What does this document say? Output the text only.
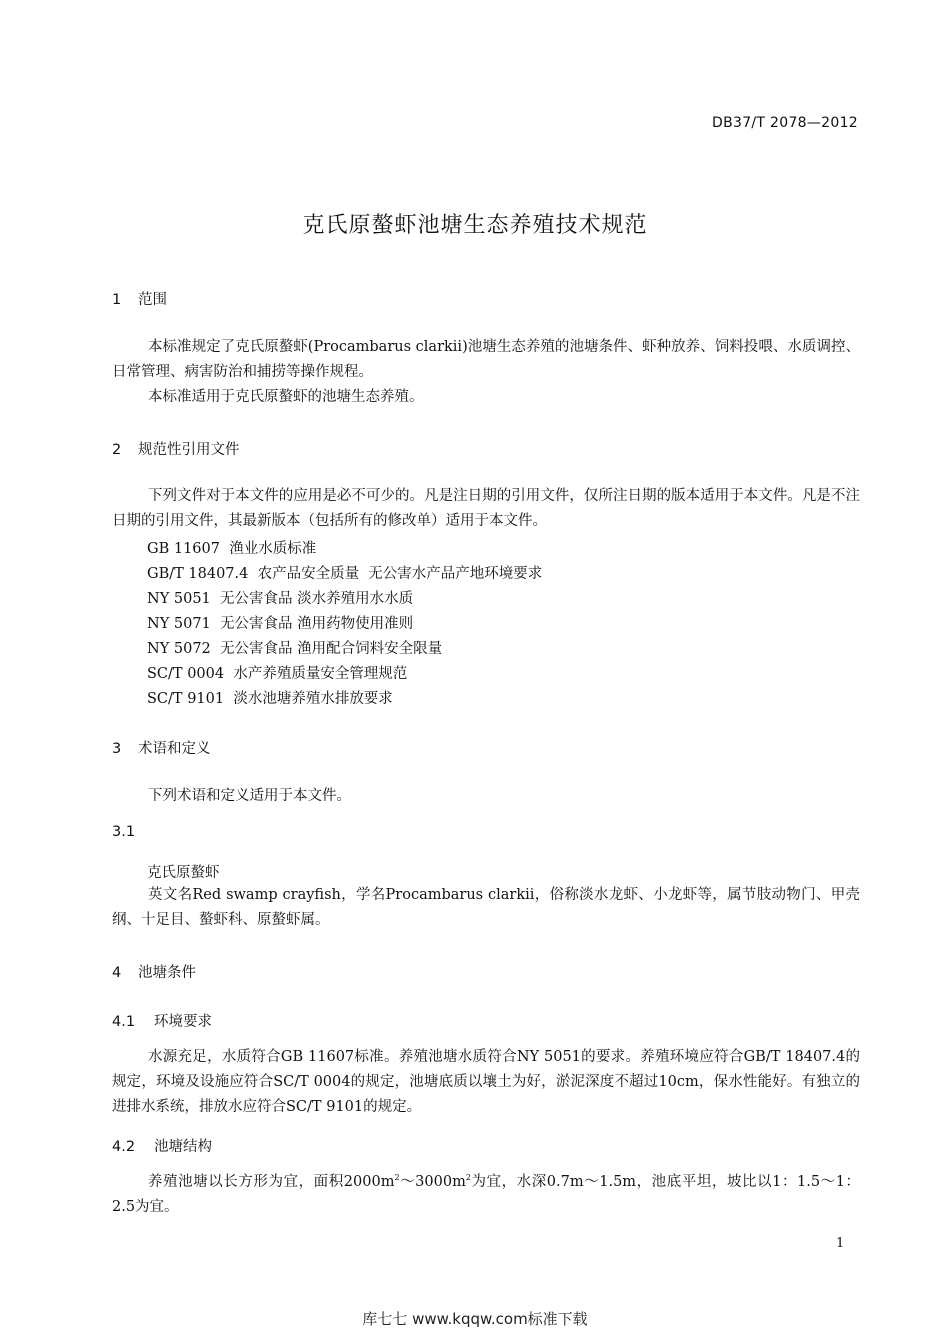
DB37/T 2078—2012
克氏原螯虾池塘生态养殖技术规范
1 范围
本标准规定了克氏原螯虾(Procambarus clarkii)池塘生态养殖的池塘条件、虾种放养、饲料投喂、水质调控、日常管理、病害防治和捕捞等操作规程。
本标准适用于克氏原螯虾的池塘生态养殖。
2 规范性引用文件
下列文件对于本文件的应用是必不可少的。凡是注日期的引用文件，仅所注日期的版本适用于本文件。凡是不注日期的引用文件，其最新版本（包括所有的修改单）适用于本文件。
GB 11607  渔业水质标准
GB/T 18407.4  农产品安全质量  无公害水产品产地环境要求
NY 5051  无公害食品 淡水养殖用水水质
NY 5071  无公害食品 渔用药物使用准则
NY 5072  无公害食品 渔用配合饲料安全限量
SC/T 0004  水产养殖质量安全管理规范
SC/T 9101  淡水池塘养殖水排放要求
3 术语和定义
下列术语和定义适用于本文件。
3.1
克氏原螯虾
英文名Red swamp crayfish，学名Procambarus clarkii，俗称淡水龙虾、小龙虾等，属节肢动物门、甲壳纲、十足目、螯虾科、原螯虾属。
4 池塘条件
4.1 环境要求
水源充足，水质符合GB 11607标准。养殖池塘水质符合NY 5051的要求。养殖环境应符合GB/T 18407.4的规定，环境及设施应符合SC/T 0004的规定，池塘底质以壤土为好，淤泥深度不超过10cm，保水性能好。有独立的进排水系统，排放水应符合SC/T 9101的规定。
4.2 池塘结构
养殖池塘以长方形为宜，面积$2000m^2\sim 3000m^2$为宜，水深0.7m～1.5m，池底平坦，坡比以1：1.5～1：2.5为宜。
1
库七七 www.kqqw.com标准下载
